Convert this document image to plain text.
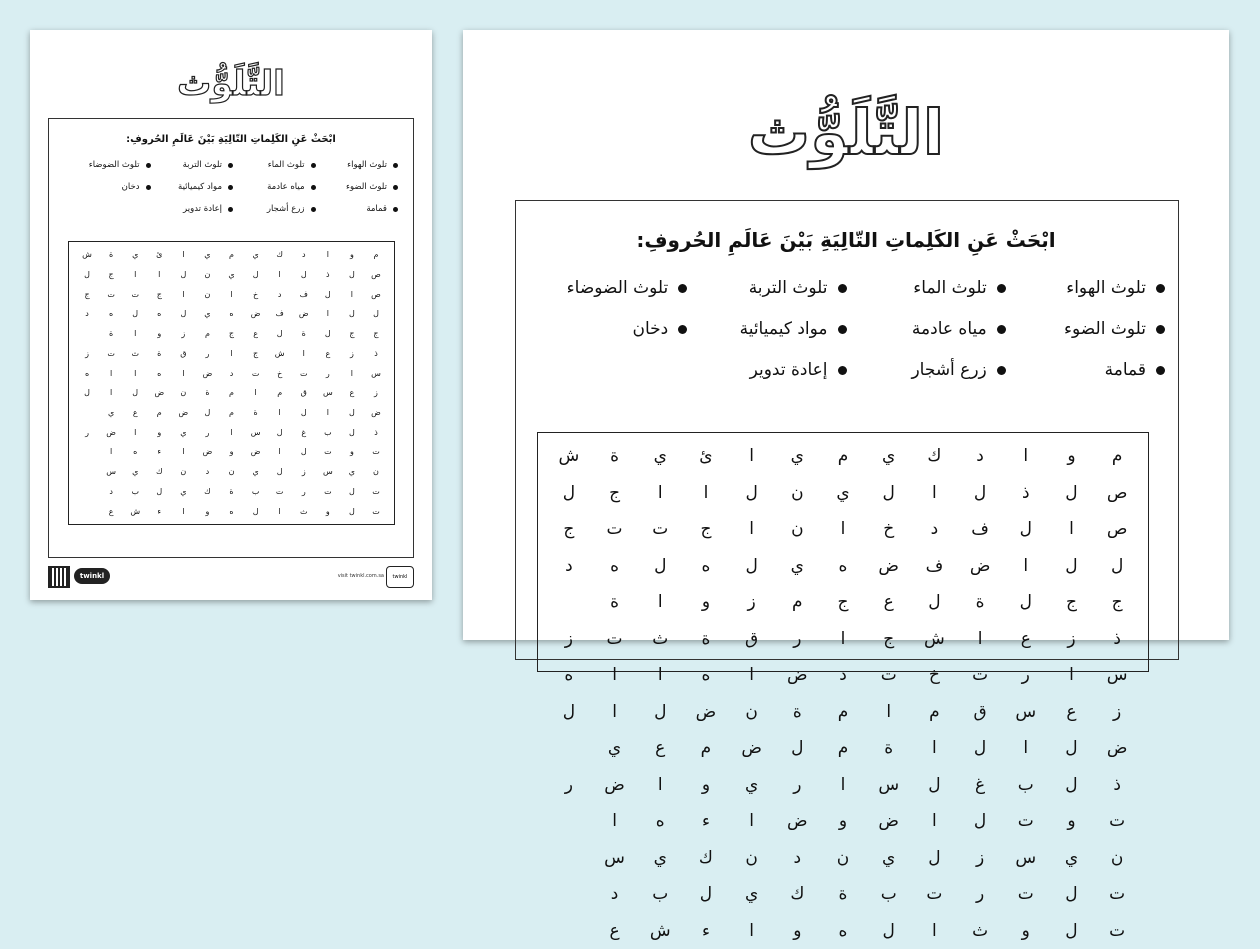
التَّلَوُّث
ابْحَثْ عَنِ الكَلِماتِ التّالِيَةِ بَيْنَ عَالَمِ الحُروفِ:
تلوث الهواء
تلوث الماء
تلوث التربة
تلوث الضوضاء
تلوث الضوء
مياه عادمة
مواد كيميائية
دخان
قمامة
زرع أشجار
إعادة تدوير
م
و
ا
د
ك
ي
م
ي
ا
ئ
ي
ة
ش
ص
ل
ذ
ل
ا
ل
ي
ن
ل
ا
ا
ج
ل
ص
ا
ل
ف
د
خ
ا
ن
ا
ج
ت
ت
ج
ل
ل
ا
ض
ف
ض
ه
ي
ل
ه
ل
ه
د
ج
ج
ل
ة
ل
ع
ج
م
ز
و
ا
ة
ذ
ز
ع
ا
ش
ج
ا
ر
ق
ة
ث
ت
ز
س
ا
ر
ت
خ
ت
د
ض
ا
ه
ا
ا
ه
ز
ع
س
ق
م
ا
م
ة
ن
ض
ل
ا
ل
ض
ل
ا
ل
ا
ة
م
ل
ض
م
ع
ي
ذ
ل
ب
غ
ل
س
ا
ر
ي
و
ا
ض
ر
ت
و
ت
ل
ا
ض
و
ض
ا
ء
ه
ا
ن
ي
س
ز
ل
ي
ن
د
ن
ك
ي
س
ت
ل
ت
ر
ت
ب
ة
ك
ي
ل
ب
د
ت
ل
و
ث
ا
ل
ه
و
ا
ء
ش
ع
twinkl	visit twinkl.com.sa	twinkl
التَّلَوُّث
ابْحَثْ عَنِ الكَلِماتِ التّالِيَةِ بَيْنَ عَالَمِ الحُروفِ:
تلوث الهواء
تلوث الماء
تلوث التربة
تلوث الضوضاء
تلوث الضوء
مياه عادمة
مواد كيميائية
دخان
قمامة
زرع أشجار
إعادة تدوير
م
و
ا
د
ك
ي
م
ي
ا
ئ
ي
ة
ش
ص
ل
ذ
ل
ا
ل
ي
ن
ل
ا
ا
ج
ل
ص
ا
ل
ف
د
خ
ا
ن
ا
ج
ت
ت
ج
ل
ل
ا
ض
ف
ض
ه
ي
ل
ه
ل
ه
د
ج
ج
ل
ة
ل
ع
ج
م
ز
و
ا
ة
ذ
ز
ع
ا
ش
ج
ا
ر
ق
ة
ث
ت
ز
س
ا
ر
ت
خ
ت
د
ض
ا
ه
ا
ا
ه
ز
ع
س
ق
م
ا
م
ة
ن
ض
ل
ا
ل
ض
ل
ا
ل
ا
ة
م
ل
ض
م
ع
ي
ذ
ل
ب
غ
ل
س
ا
ر
ي
و
ا
ض
ر
ت
و
ت
ل
ا
ض
و
ض
ا
ء
ه
ا
ن
ي
س
ز
ل
ي
ن
د
ن
ك
ي
س
ت
ل
ت
ر
ت
ب
ة
ك
ي
ل
ب
د
ت
ل
و
ث
ا
ل
ه
و
ا
ء
ش
ع
